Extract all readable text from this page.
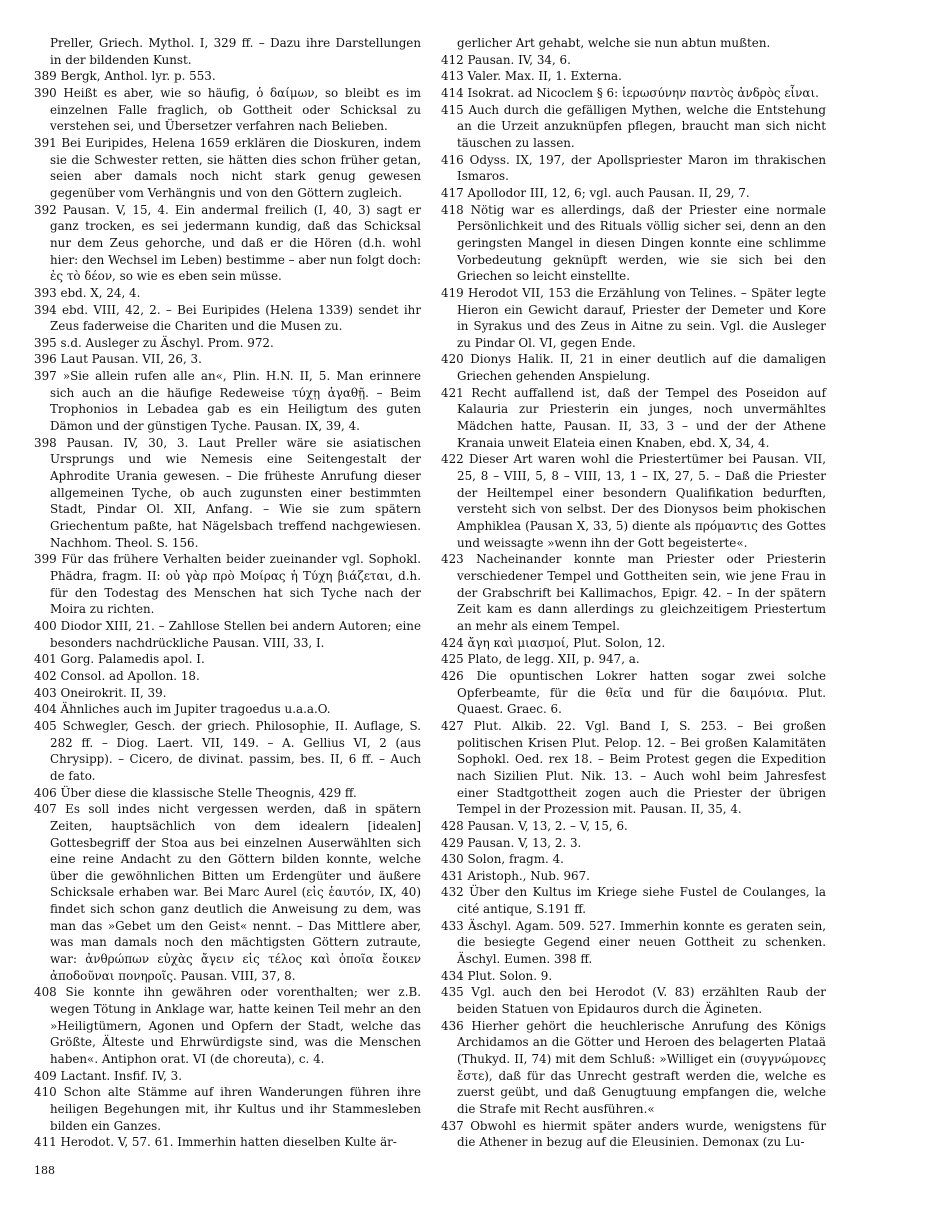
Preller, Griech. Mythol. I, 329 ff. – Dazu ihre Darstellungen in der bildenden Kunst.

389 Bergk, Anthol. lyr. p. 553.

390 Heißt es aber, wie so häufig, ὁ δαίμων, so bleibt es im einzelnen Falle fraglich, ob Gottheit oder Schicksal zu verstehen sei, und Übersetzer verfahren nach Belieben.

391 Bei Euripides, Helena 1659 erklären die Dioskuren, indem sie die Schwester retten, sie hätten dies schon früher getan, seien aber damals noch nicht stark genug gewesen gegenüber vom Verhängnis und von den Göttern zugleich.

392 Pausan. V, 15, 4. Ein andermal freilich (I, 40, 3) sagt er ganz trocken, es sei jedermann kundig, daß das Schicksal nur dem Zeus gehorche, und daß er die Hören (d.h. wohl hier: den Wechsel im Leben) bestimme – aber nun folgt doch: ἐς τὸ δέον, so wie es eben sein müsse.

393 ebd. X, 24, 4.

394 ebd. VIII, 42, 2. – Bei Euripides (Helena 1339) sendet ihr Zeus faderweise die Chariten und die Musen zu.

395 s.d. Ausleger zu Äschyl. Prom. 972.

396 Laut Pausan. VII, 26, 3.

397 »Sie allein rufen alle an«, Plin. H.N. II, 5. Man erinnere sich auch an die häufige Redeweise τύχῃ ἀγαθῇ. – Beim Trophonios in Lebadea gab es ein Heiligtum des guten Dämon und der günstigen Tyche. Pausan. IX, 39, 4.

398 Pausan. IV, 30, 3. Laut Preller wäre sie asiatischen Ursprungs und wie Nemesis eine Seitengestalt der Aphrodite Urania gewesen. – Die früheste Anrufung dieser allgemeinen Tyche, ob auch zugunsten einer bestimmten Stadt, Pindar Ol. XII, Anfang. – Wie sie zum spätern Griechentum paßte, hat Nägelsbach treffend nachgewiesen. Nachhom. Theol. S. 156.

399 Für das frühere Verhalten beider zueinander vgl. Sophokl. Phädra, fragm. II: οὐ γὰρ πρὸ Μοίρας ἡ Τύχη βιάζεται, d.h. für den Todestag des Menschen hat sich Tyche nach der Moira zu richten.

400 Diodor XIII, 21. – Zahllose Stellen bei andern Autoren; eine besonders nachdrückliche Pausan. VIII, 33, I.

401 Gorg. Palamedis apol. I.

402 Consol. ad Apollon. 18.

403 Oneirokrit. II, 39.

404 Ähnliches auch im Jupiter tragoedus u.a.a.O.

405 Schwegler, Gesch. der griech. Philosophie, II. Auflage, S. 282 ff. – Diog. Laert. VII, 149. – A. Gellius VI, 2 (aus Chrysipp). – Cicero, de divinat. passim, bes. II, 6 ff. – Auch de fato.

406 Über diese die klassische Stelle Theognis, 429 ff.

407 Es soll indes nicht vergessen werden, daß in spätern Zeiten, hauptsächlich von dem idealern [idealen] Gottesbegriff der Stoa aus bei einzelnen Auserwählten sich eine reine Andacht zu den Göttern bilden konnte, welche über die gewöhnlichen Bitten um Erdengüter und äußere Schicksale erhaben war. Bei Marc Aurel (εἰς ἑαυτόν, IX, 40) findet sich schon ganz deutlich die Anweisung zu dem, was man das »Gebet um den Geist« nennt. – Das Mittlere aber, was man damals noch den mächtigsten Göttern zutraute, war: ἀνθρώπων εὐχὰς ἄγειν εἰς τέλος καὶ ὁποῖα ἔοικεν ἀποδοῦναι πονηροῖς. Pausan. VIII, 37, 8.

408 Sie konnte ihn gewähren oder vorenthalten; wer z.B. wegen Tötung in Anklage war, hatte keinen Teil mehr an den »Heiligtümern, Agonen und Opfern der Stadt, welche das Größte, Älteste und Ehrwürdigste sind, was die Menschen haben«. Antiphon orat. VI (de choreuta), c. 4.

409 Lactant. Insfif. IV, 3.

410 Schon alte Stämme auf ihren Wanderungen führen ihre heiligen Begehungen mit, ihr Kultus und ihr Stammesleben bilden ein Ganzes.

411 Herodot. V, 57. 61. Immerhin hatten dieselben Kulte är-

gerlicher Art gehabt, welche sie nun abtun mußten.

412 Pausan. IV, 34, 6.

413 Valer. Max. II, 1. Externa.

414 Isokrat. ad Nicoclem § 6: ἱερωσύνην παντὸς ἀνδρὸς εἶναι.

415 Auch durch die gefälligen Mythen, welche die Entstehung an die Urzeit anzuknüpfen pflegen, braucht man sich nicht täuschen zu lassen.

416 Odyss. IX, 197, der Apollspriester Maron im thrakischen Ismaros.

417 Apollodor III, 12, 6; vgl. auch Pausan. II, 29, 7.

418 Nötig war es allerdings, daß der Priester eine normale Persönlichkeit und des Rituals völlig sicher sei, denn an den geringsten Mangel in diesen Dingen konnte eine schlimme Vorbedeutung geknüpft werden, wie sie sich bei den Griechen so leicht einstellte.

419 Herodot VII, 153 die Erzählung von Telines. – Später legte Hieron ein Gewicht darauf, Priester der Demeter und Kore in Syrakus und des Zeus in Aitne zu sein. Vgl. die Ausleger zu Pindar Ol. VI, gegen Ende.

420 Dionys Halik. II, 21 in einer deutlich auf die damaligen Griechen gehenden Anspielung.

421 Recht auffallend ist, daß der Tempel des Poseidon auf Kalauria zur Priesterin ein junges, noch unvermähltes Mädchen hatte, Pausan. II, 33, 3 – und der der Athene Kranaia unweit Elateia einen Knaben, ebd. X, 34, 4.

422 Dieser Art waren wohl die Priestertümer bei Pausan. VII, 25, 8 – VIII, 5, 8 – VIII, 13, 1 – IX, 27, 5. – Daß die Priester der Heiltempel einer besondern Qualifikation bedurften, versteht sich von selbst. Der des Dionysos beim phokischen Amphiklea (Pausan X, 33, 5) diente als πρόμαντις des Gottes und weissagte »wenn ihn der Gott begeisterte«.

423 Nacheinander konnte man Priester oder Priesterin verschiedener Tempel und Gottheiten sein, wie jene Frau in der Grabschrift bei Kallimachos, Epigr. 42. – In der spätern Zeit kam es dann allerdings zu gleichzeitigem Priestertum an mehr als einem Tempel.

424 ἄγη καὶ μιασμοί, Plut. Solon, 12.

425 Plato, de legg. XII, p. 947, a.

426 Die opuntischen Lokrer hatten sogar zwei solche Opferbeamte, für die θεῖα und für die δαιμόνια. Plut. Quaest. Graec. 6.

427 Plut. Alkib. 22. Vgl. Band I, S. 253. – Bei großen politischen Krisen Plut. Pelop. 12. – Bei großen Kalamitäten Sophokl. Oed. rex 18. – Beim Protest gegen die Expedition nach Sizilien Plut. Nik. 13. – Auch wohl beim Jahresfest einer Stadtgottheit zogen auch die Priester der übrigen Tempel in der Prozession mit. Pausan. II, 35, 4.

428 Pausan. V, 13, 2. – V, 15, 6.

429 Pausan. V, 13, 2. 3.

430 Solon, fragm. 4.

431 Aristoph., Nub. 967.

432 Über den Kultus im Kriege siehe Fustel de Coulanges, la cité antique, S.191 ff.

433 Äschyl. Agam. 509. 527. Immerhin konnte es geraten sein, die besiegte Gegend einer neuen Gottheit zu schenken. Äschyl. Eumen. 398 ff.

434 Plut. Solon. 9.

435 Vgl. auch den bei Herodot (V. 83) erzählten Raub der beiden Statuen von Epidauros durch die Ägineten.

436 Hierher gehört die heuchlerische Anrufung des Königs Archidamos an die Götter und Heroen des belagerten Plataä (Thukyd. II, 74) mit dem Schluß: »Williget ein (συγγνώμονες ἔστε), daß für das Unrecht gestraft werden die, welche es zuerst geübt, und daß Genugtuung empfangen die, welche die Strafe mit Recht ausführen.«

437 Obwohl es hiermit später anders wurde, wenigstens für die Athener in bezug auf die Eleusinien. Demonax (zu Lu-

188
